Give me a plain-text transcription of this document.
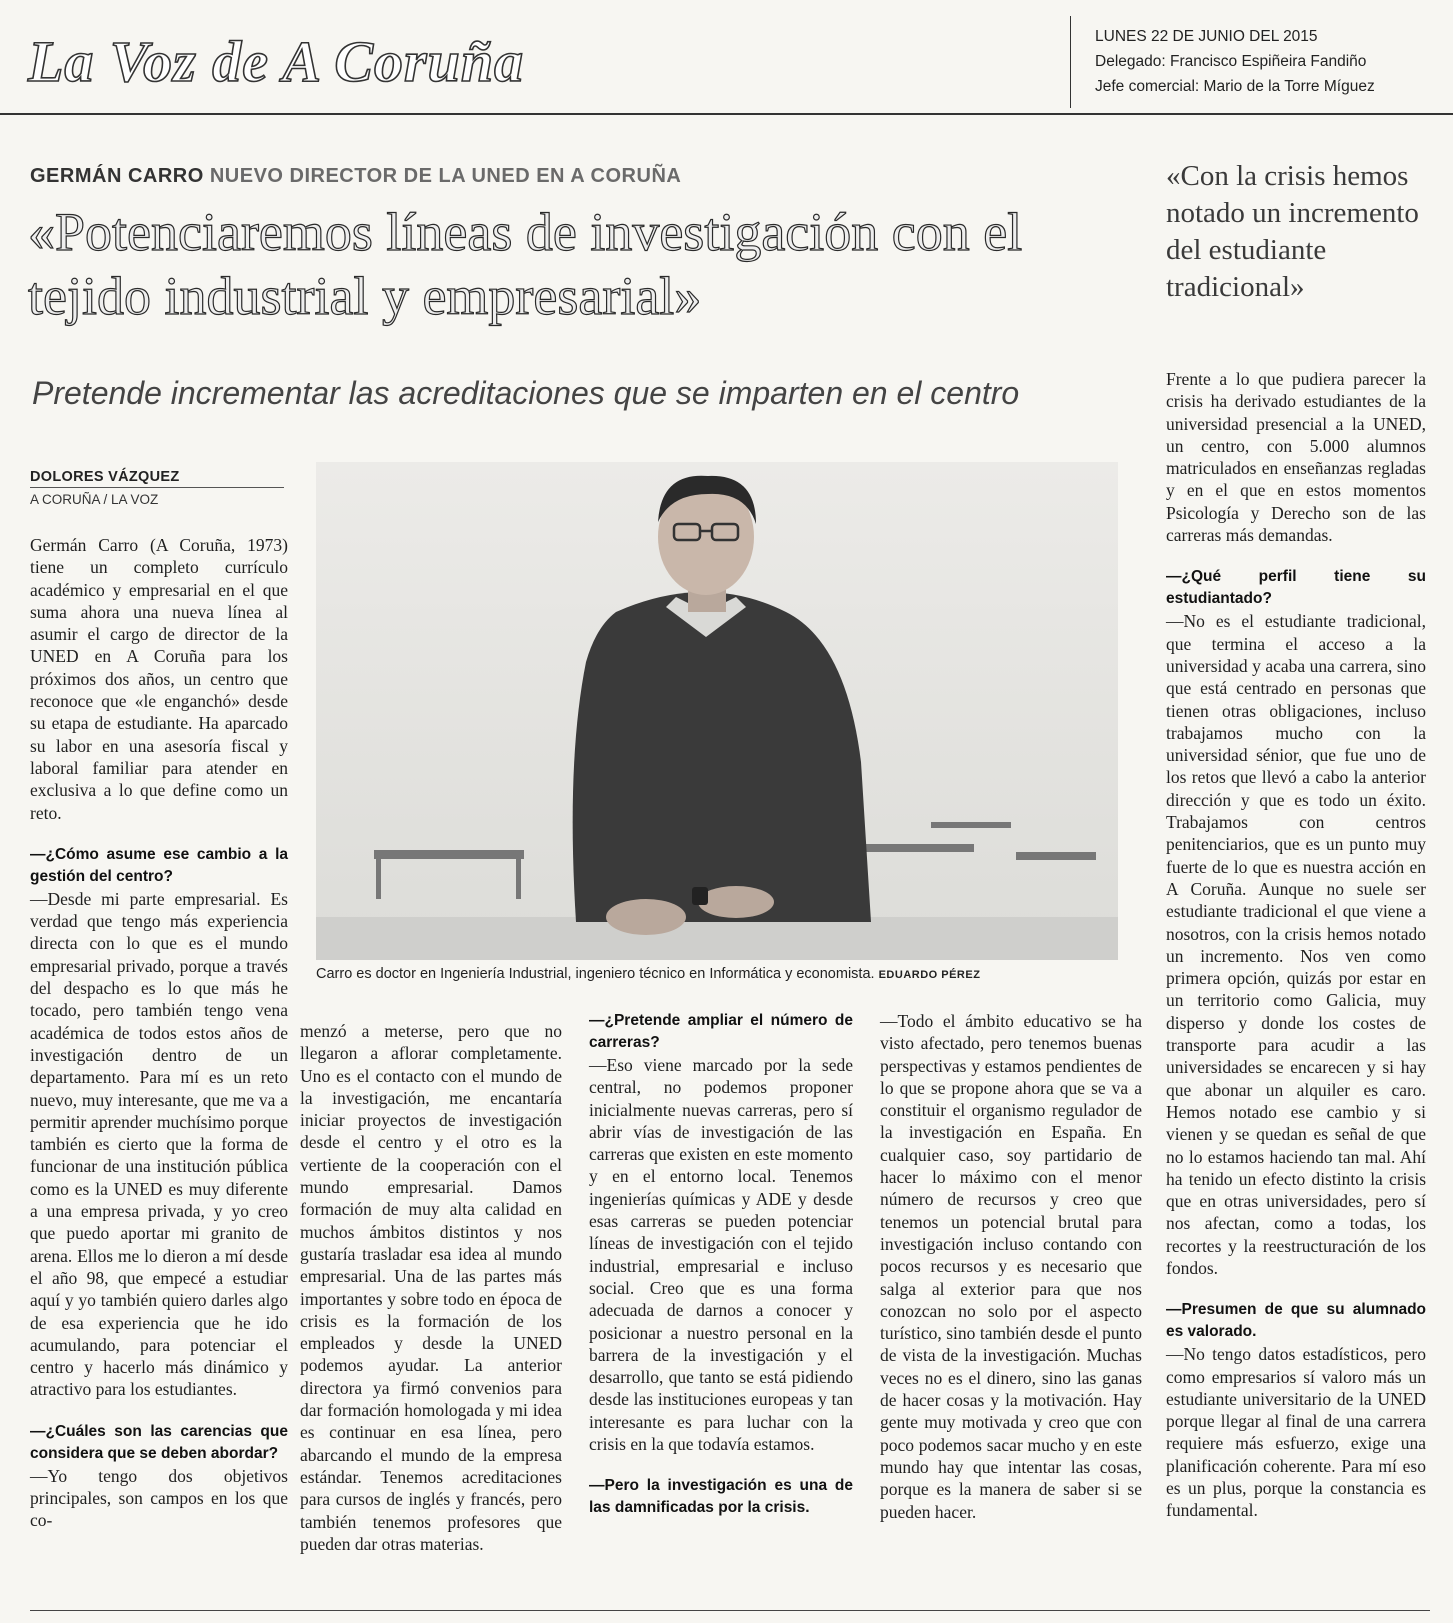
La Voz de A Coruña	LUNES 22 DE JUNIO DEL 2015
Delegado: Francisco Espiñeira Fandiño
Jefe comercial: Mario de la Torre Míguez
GERMÁN CARRO NUEVO DIRECTOR DE LA UNED EN A CORUÑA
«Potenciaremos líneas de investigación con el tejido industrial y empresarial»
Pretende incrementar las acreditaciones que se imparten en el centro
DOLORES VÁZQUEZ
A CORUÑA / LA VOZ
Carro es doctor en Ingeniería Industrial, ingeniero técnico en Informática y economista. EDUARDO PÉREZ

Germán Carro (A Coruña, 1973) tiene un completo currículo académico y empresarial en el que suma ahora una nueva línea al asumir el cargo de director de la UNED en A Coruña para los próximos dos años, un centro que reconoce que «le enganchó» desde su etapa de estudiante. Ha aparcado su labor en una asesoría fiscal y laboral familiar para atender en exclusiva a lo que define como un reto.

—¿Cómo asume ese cambio a la gestión del centro?

—Desde mi parte empresarial. Es verdad que tengo más experiencia directa con lo que es el mundo empresarial privado, porque a través del despacho es lo que más he tocado, pero también tengo vena académica de todos estos años de investigación dentro de un departamento. Para mí es un reto nuevo, muy interesante, que me va a permitir aprender muchísimo porque también es cierto que la forma de funcionar de una institución pública como es la UNED es muy diferente a una empresa privada, y yo creo que puedo aportar mi granito de arena. Ellos me lo dieron a mí desde el año 98, que empecé a estudiar aquí y yo también quiero darles algo de esa experiencia que he ido acumulando, para potenciar el centro y hacerlo más dinámico y atractivo para los estudiantes.

—¿Cuáles son las carencias que considera que se deben abordar?

—Yo tengo dos objetivos principales, son campos en los que co-

menzó a meterse, pero que no llegaron a aflorar completamente. Uno es el contacto con el mundo de la investigación, me encantaría iniciar proyectos de investigación desde el centro y el otro es la vertiente de la cooperación con el mundo empresarial. Damos formación de muy alta calidad en muchos ámbitos distintos y nos gustaría trasladar esa idea al mundo empresarial. Una de las partes más importantes y sobre todo en época de crisis es la formación de los empleados y desde la UNED podemos ayudar. La anterior directora ya firmó convenios para dar formación homologada y mi idea es continuar en esa línea, pero abarcando el mundo de la empresa estándar. Tenemos acreditaciones para cursos de inglés y francés, pero también tenemos profesores que pueden dar otras materias.

—¿Pretende ampliar el número de carreras?

—Eso viene marcado por la sede central, no podemos proponer inicialmente nuevas carreras, pero sí abrir vías de investigación de las carreras que existen en este momento y en el entorno local. Tenemos ingenierías químicas y ADE y desde esas carreras se pueden potenciar líneas de investigación con el tejido industrial, empresarial e incluso social. Creo que es una forma adecuada de darnos a conocer y posicionar a nuestro personal en la barrera de la investigación y el desarrollo, que tanto se está pidiendo desde las instituciones europeas y tan interesante es para luchar con la crisis en la que todavía estamos.

—Pero la investigación es una de las damnificadas por la crisis.

—Todo el ámbito educativo se ha visto afectado, pero tenemos buenas perspectivas y estamos pendientes de lo que se propone ahora que se va a constituir el organismo regulador de la investigación en España. En cualquier caso, soy partidario de hacer lo máximo con el menor número de recursos y creo que tenemos un potencial brutal para investigación incluso contando con pocos recursos y es necesario que salga al exterior para que nos conozcan no solo por el aspecto turístico, sino también desde el punto de vista de la investigación. Muchas veces no es el dinero, sino las ganas de hacer cosas y la motivación. Hay gente muy motivada y creo que con poco podemos sacar mucho y en este mundo hay que intentar las cosas, porque es la manera de saber si se pueden hacer.

«Con la crisis hemos notado un incremento del estudiante tradicional»

Frente a lo que pudiera parecer la crisis ha derivado estudiantes de la universidad presencial a la UNED, un centro, con 5.000 alumnos matriculados en enseñanzas regladas y en el que en estos momentos Psicología y Derecho son de las carreras más demandas.

—¿Qué perfil tiene su estudiantado?

—No es el estudiante tradicional, que termina el acceso a la universidad y acaba una carrera, sino que está centrado en personas que tienen otras obligaciones, incluso trabajamos mucho con la universidad sénior, que fue uno de los retos que llevó a cabo la anterior dirección y que es todo un éxito. Trabajamos con centros penitenciarios, que es un punto muy fuerte de lo que es nuestra acción en A Coruña. Aunque no suele ser estudiante tradicional el que viene a nosotros, con la crisis hemos notado un incremento. Nos ven como primera opción, quizás por estar en un territorio como Galicia, muy disperso y donde los costes de transporte para acudir a las universidades se encarecen y si hay que abonar un alquiler es caro. Hemos notado ese cambio y si vienen y se quedan es señal de que no lo estamos haciendo tan mal. Ahí ha tenido un efecto distinto la crisis que en otras universidades, pero sí nos afectan, como a todas, los recortes y la reestructuración de los fondos.

—Presumen de que su alumnado es valorado.

—No tengo datos estadísticos, pero como empresarios sí valoro más un estudiante universitario de la UNED porque llegar al final de una carrera requiere más esfuerzo, exige una planificación coherente. Para mí eso es un plus, porque la constancia es fundamental.
